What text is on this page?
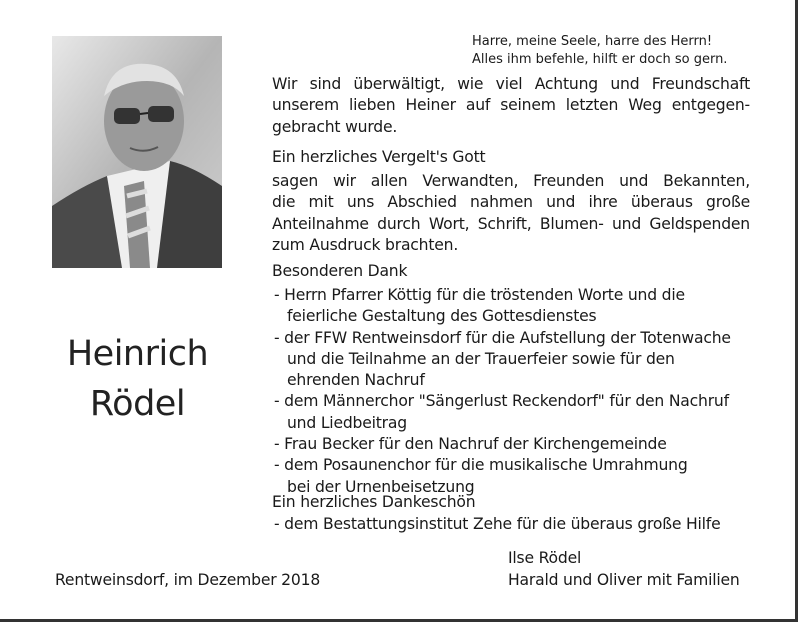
Heinrich
Rödel
Harre, meine Seele, harre des Herrn!
Alles ihm befehle, hilft er doch so gern.
Wir sind überwältigt, wie viel Achtung und Freundschaft
unserem lieben Heiner auf seinem letzten Weg entgegen-
gebracht wurde.
Ein herzliches Vergelt's Gott
sagen wir allen Verwandten, Freunden und Bekannten,
die mit uns Abschied nahmen und ihre überaus große
Anteilnahme durch Wort, Schrift, Blumen- und Geldspenden
zum Ausdruck brachten.
Besonderen Dank
- Herrn Pfarrer Köttig für die tröstenden Worte und die
feierliche Gestaltung des Gottesdienstes
- der FFW Rentweinsdorf für die Aufstellung der Totenwache
und die Teilnahme an der Trauerfeier sowie für den
ehrenden Nachruf
- dem Männerchor "Sängerlust Reckendorf" für den Nachruf
und Liedbeitrag
- Frau Becker für den Nachruf der Kirchengemeinde
- dem Posaunenchor für die musikalische Umrahmung
bei der Urnenbeisetzung
Ein herzliches Dankeschön
- dem Bestattungsinstitut Zehe für die überaus große Hilfe
Rentweinsdorf, im Dezember 2018
Ilse Rödel
Harald und Oliver mit Familien
